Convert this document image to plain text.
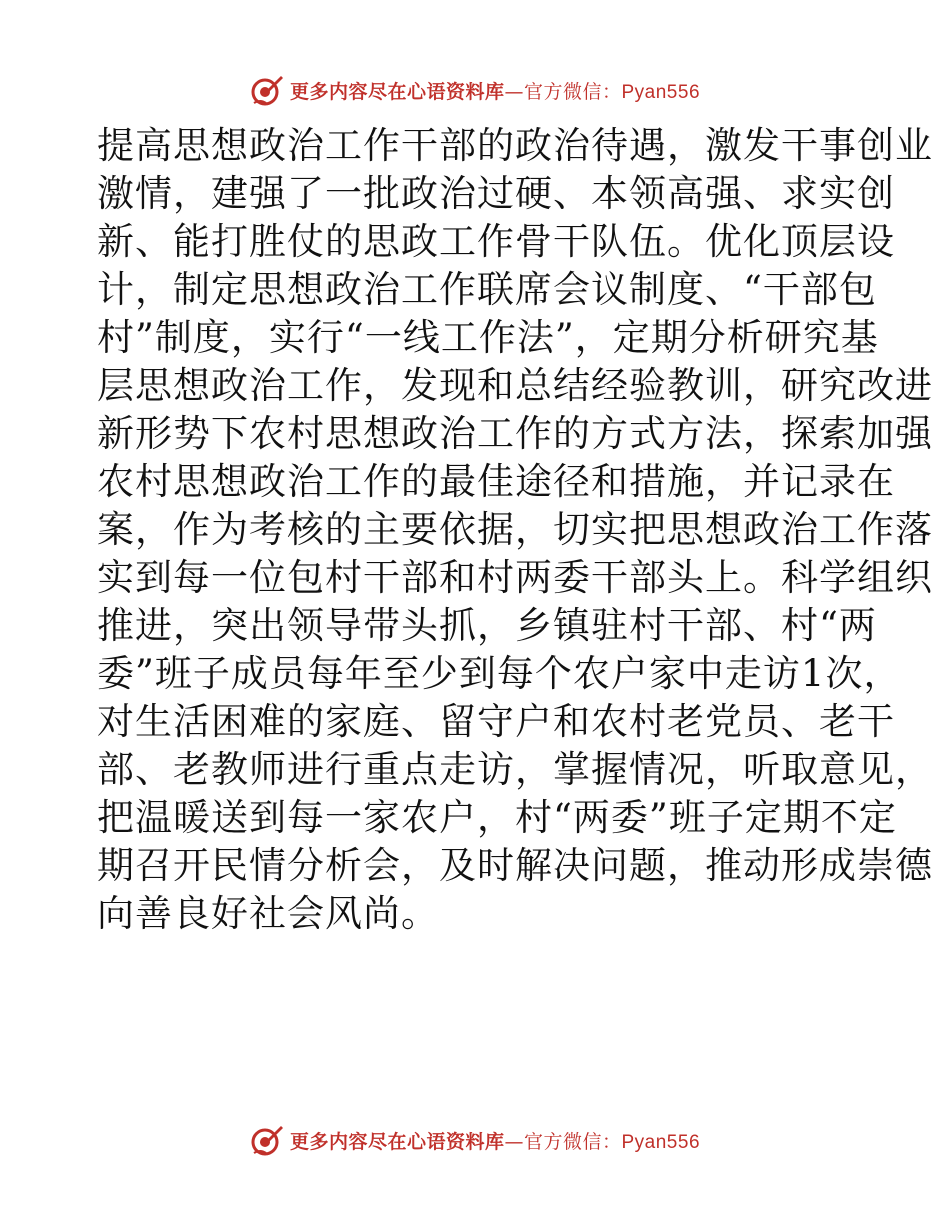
更多内容尽在心语资料库—官方微信：Pyan556
提高思想政治工作干部的政治待遇，激发干事创业
激情，建强了一批政治过硬、本领高强、求实创
新、能打胜仗的思政工作骨干队伍。优化顶层设
计，制定思想政治工作联席会议制度、“干部包
村”制度，实行“一线工作法”，定期分析研究基
层思想政治工作，发现和总结经验教训，研究改进
新形势下农村思想政治工作的方式方法，探索加强
农村思想政治工作的最佳途径和措施，并记录在
案，作为考核的主要依据，切实把思想政治工作落
实到每一位包村干部和村两委干部头上。科学组织
推进，突出领导带头抓，乡镇驻村干部、村“两
委”班子成员每年至少到每个农户家中走访1次，
对生活困难的家庭、留守户和农村老党员、老干
部、老教师进行重点走访，掌握情况，听取意见，
把温暖送到每一家农户，村“两委”班子定期不定
期召开民情分析会，及时解决问题，推动形成崇德
向善良好社会风尚。
更多内容尽在心语资料库—官方微信：Pyan556
